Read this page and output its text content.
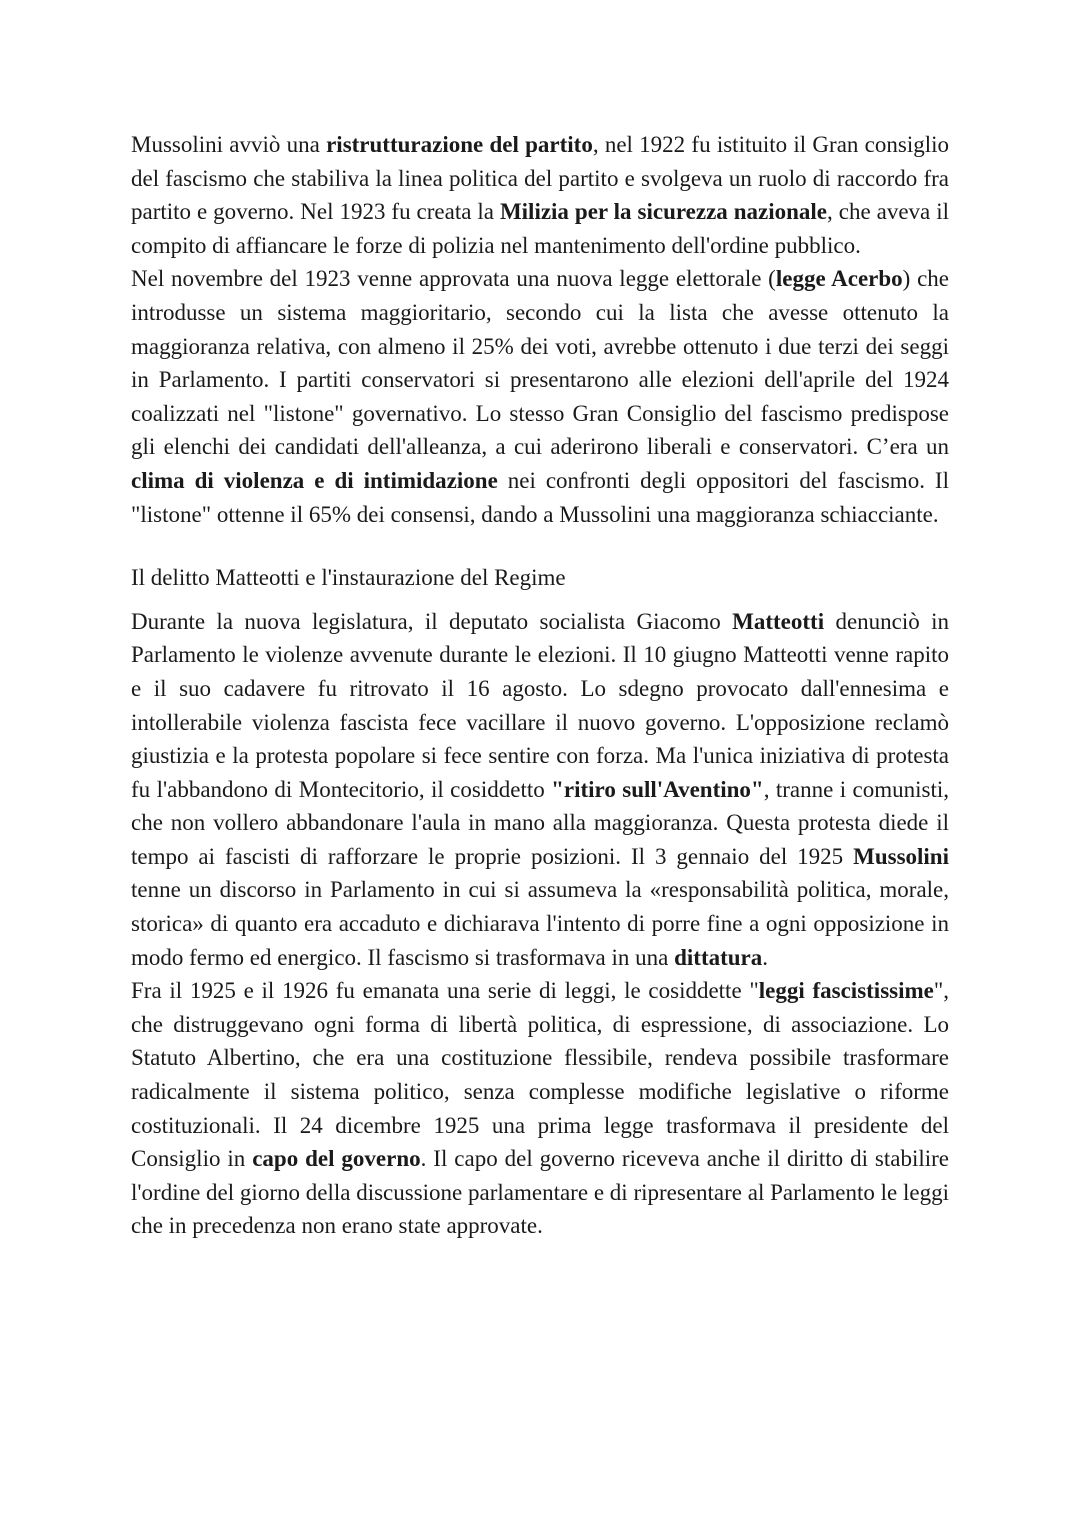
Mussolini avviò una ristrutturazione del partito, nel 1922 fu istituito il Gran consiglio del fascismo che stabiliva la linea politica del partito e svolgeva un ruolo di raccordo fra partito e governo. Nel 1923 fu creata la Milizia per la sicurezza nazionale, che aveva il compito di affiancare le forze di polizia nel mantenimento dell'ordine pubblico.

Nel novembre del 1923 venne approvata una nuova legge elettorale (legge Acerbo) che introdusse un sistema maggioritario, secondo cui la lista che avesse ottenuto la maggioranza relativa, con almeno il 25% dei voti, avrebbe ottenuto i due terzi dei seggi in Parlamento. I partiti conservatori si presentarono alle elezioni dell'aprile del 1924 coalizzati nel "listone" governativo. Lo stesso Gran Consiglio del fascismo predispose gli elenchi dei candidati dell'alleanza, a cui aderirono liberali e conservatori. C’era un clima di violenza e di intimidazione nei confronti degli oppositori del fascismo. Il "listone" ottenne il 65% dei consensi, dando a Mussolini una maggioranza schiacciante.

Il delitto Matteotti e l'instaurazione del Regime

Durante la nuova legislatura, il deputato socialista Giacomo Matteotti denunciò in Parlamento le violenze avvenute durante le elezioni. Il 10 giugno Matteotti venne rapito e il suo cadavere fu ritrovato il 16 agosto. Lo sdegno provocato dall'ennesima e intollerabile violenza fascista fece vacillare il nuovo governo. L'opposizione reclamò giustizia e la protesta popolare si fece sentire con forza. Ma l'unica iniziativa di protesta fu l'abbandono di Montecitorio, il cosiddetto "ritiro sull'Aventino", tranne i comunisti, che non vollero abbandonare l'aula in mano alla maggioranza. Questa protesta diede il tempo ai fascisti di rafforzare le proprie posizioni. Il 3 gennaio del 1925 Mussolini tenne un discorso in Parlamento in cui si assumeva la «responsabilità politica, morale, storica» di quanto era accaduto e dichiarava l'intento di porre fine a ogni opposizione in modo fermo ed energico. Il fascismo si trasformava in una dittatura.

Fra il 1925 e il 1926 fu emanata una serie di leggi, le cosiddette "leggi fascistissime", che distruggevano ogni forma di libertà politica, di espressione, di associazione. Lo Statuto Albertino, che era una costituzione flessibile, rendeva possibile trasformare radicalmente il sistema politico, senza complesse modifiche legislative o riforme costituzionali. Il 24 dicembre 1925 una prima legge trasformava il presidente del Consiglio in capo del governo. Il capo del governo riceveva anche il diritto di stabilire l'ordine del giorno della discussione parlamentare e di ripresentare al Parlamento le leggi che in precedenza non erano state approvate.
